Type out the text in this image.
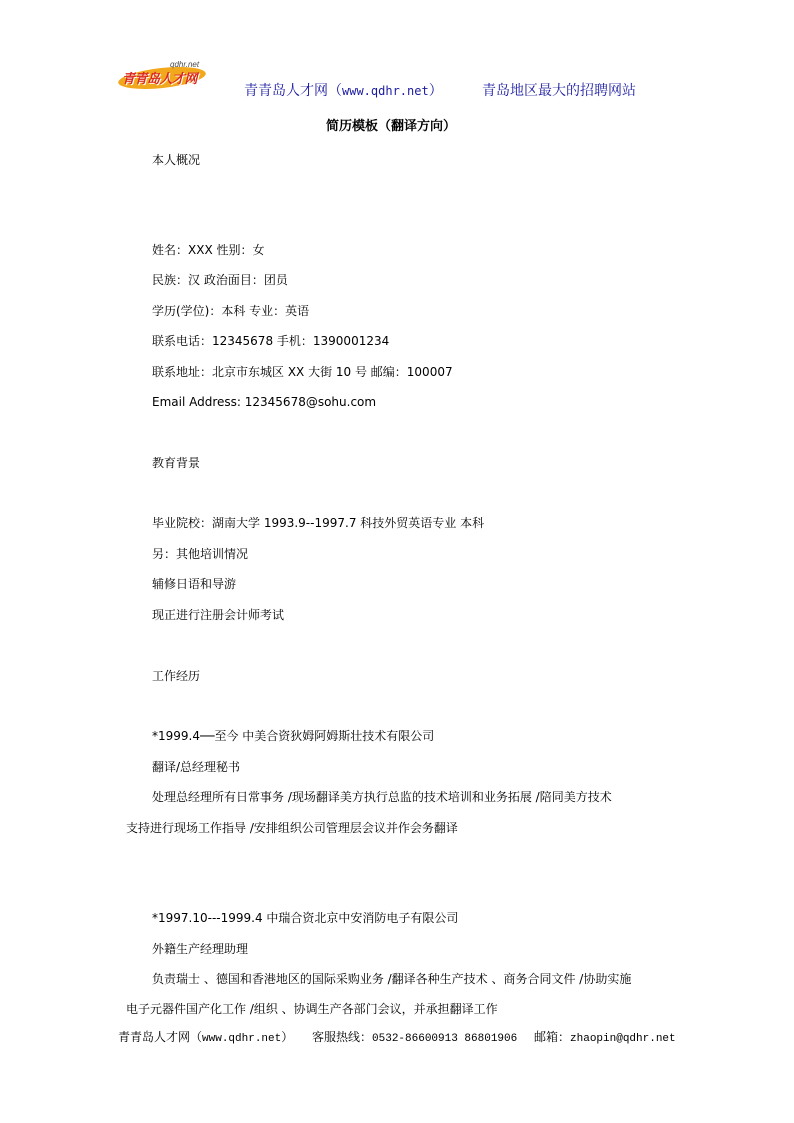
qdhr.net
青青岛人才网
青青岛人才网（www.qdhr.net）	青岛地区最大的招聘网站
简历模板（翻译方向）
本人概况
姓名：XXX 性别：女
民族：汉 政治面目：团员
学历(学位)：本科 专业：英语
联系电话：12345678 手机：1390001234
联系地址：北京市东城区 XX 大街 10 号 邮编：100007
Email Address: 12345678@sohu.com
教育背景
毕业院校：湖南大学 1993.9--1997.7 科技外贸英语专业 本科
另：其他培训情况
辅修日语和导游
现正进行注册会计师考试
工作经历
*1999.4──至今 中美合资狄姆阿姆斯壮技术有限公司
翻译/总经理秘书
处理总经理所有日常事务 /现场翻译美方执行总监的技术培训和业务拓展 /陪同美方技术
支持进行现场工作指导 /安排组织公司管理层会议并作会务翻译
*1997.10---1999.4 中瑞合资北京中安消防电子有限公司
外籍生产经理助理
负责瑞士 、德国和香港地区的国际采购业务 /翻译各种生产技术 、商务合同文件 /协助实施
电子元器件国产化工作 /组织 、协调生产各部门会议，并承担翻译工作
青青岛人才网（www.qdhr.net） 客服热线：0532-86600913 86801906 邮箱：zhaopin@qdhr.net
